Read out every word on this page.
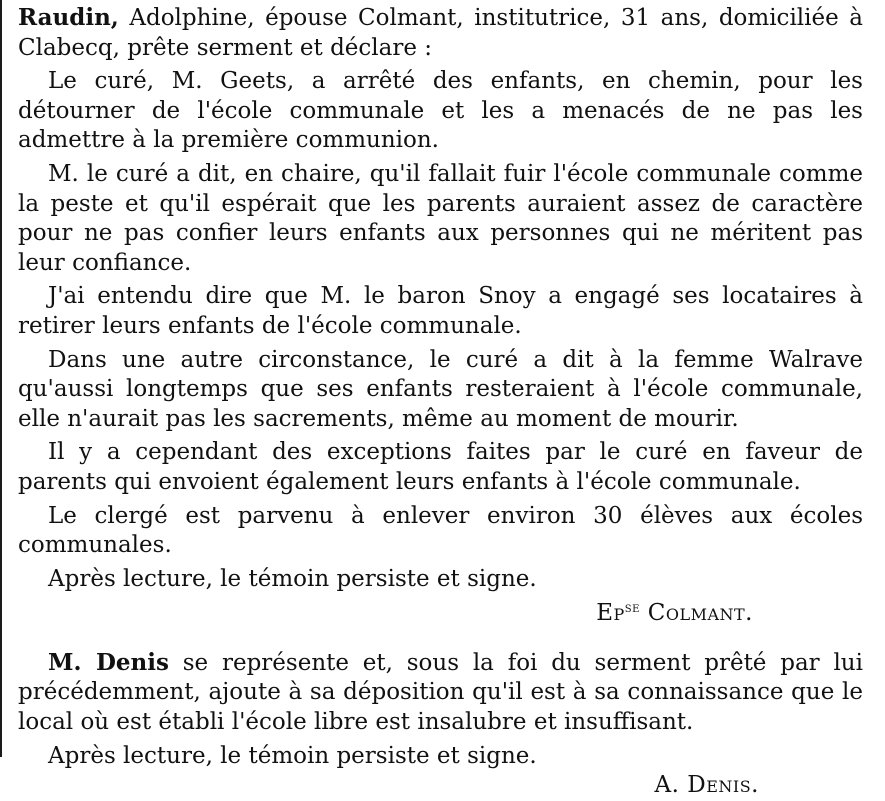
Raudin, Adolphine, épouse Colmant, institutrice, 31 ans, domiciliée à Clabecq, prête serment et déclare :

Le curé, M. Geets, a arrêté des enfants, en chemin, pour les détourner de l'école communale et les a menacés de ne pas les admettre à la première communion.

M. le curé a dit, en chaire, qu'il fallait fuir l'école communale comme la peste et qu'il espérait que les parents auraient assez de caractère pour ne pas confier leurs enfants aux personnes qui ne méritent pas leur confiance.

J'ai entendu dire que M. le baron Snoy a engagé ses locataires à retirer leurs enfants de l'école communale.

Dans une autre circonstance, le curé a dit à la femme Walrave qu'aussi longtemps que ses enfants resteraient à l'école communale, elle n'aurait pas les sacrements, même au moment de mourir.

Il y a cependant des exceptions faites par le curé en faveur de parents qui envoient également leurs enfants à l'école communale.

Le clergé est parvenu à enlever environ 30 élèves aux écoles communales.

Après lecture, le témoin persiste et signe.

$Ep^{se}$ Colmant.

M. Denis se représente et, sous la foi du serment prêté par lui précédemment, ajoute à sa déposition qu'il est à sa connaissance que le local où est établi l'école libre est insalubre et insuffisant.

Après lecture, le témoin persiste et signe.

A. Denis.
